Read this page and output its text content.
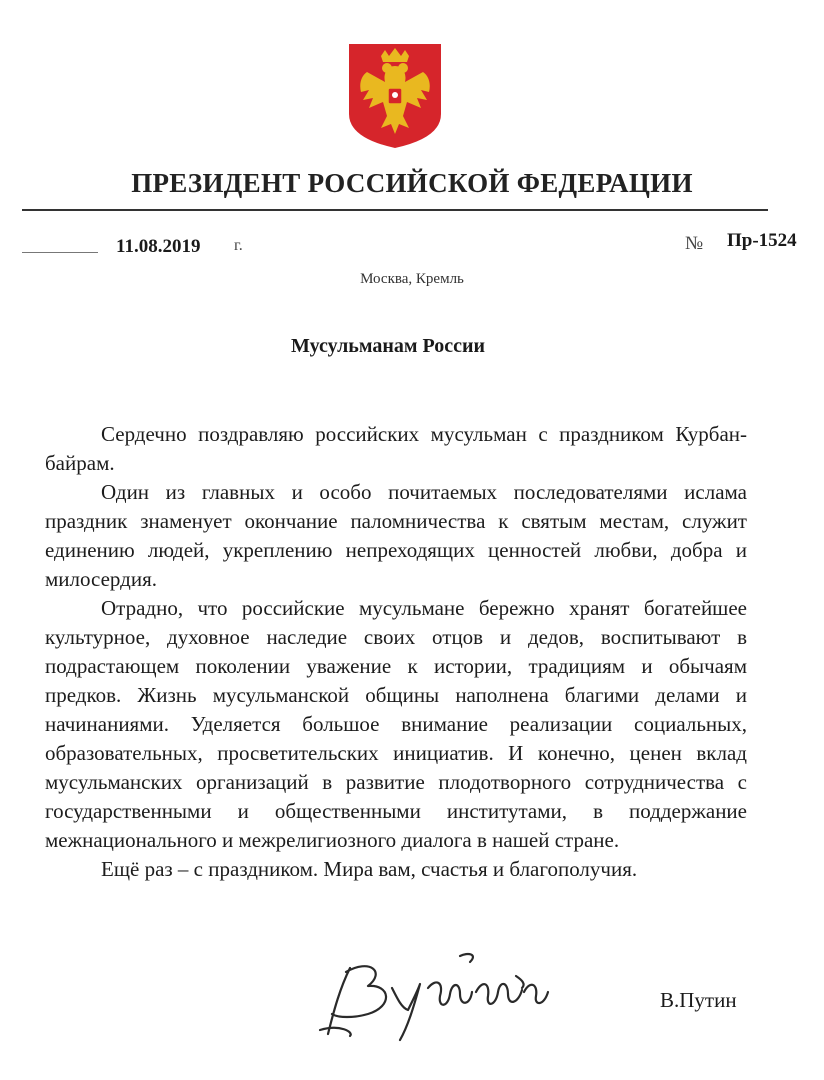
ПРЕЗИДЕНТ РОССИЙСКОЙ ФЕДЕРАЦИИ
11.08.2019 г.	№ Пр-1524
Москва, Кремль
Мусульманам России

Сердечно поздравляю российских мусульман с праздником Курбан-байрам.

Один из главных и особо почитаемых последователями ислама праздник знаменует окончание паломничества к святым местам, служит единению людей, укреплению непреходящих ценностей любви, добра и милосердия.

Отрадно, что российские мусульмане бережно хранят богатейшее культурное, духовное наследие своих отцов и дедов, воспитывают в подрастающем поколении уважение к истории, традициям и обычаям предков. Жизнь мусульманской общины наполнена благими делами и начинаниями. Уделяется большое внимание реализации социальных, образовательных, просветительских инициатив. И конечно, ценен вклад мусульманских организаций в развитие плодотворного сотрудничества с государственными и общественными институтами, в поддержание межнационального и межрелигиозного диалога в нашей стране.

Ещё раз – с праздником. Мира вам, счастья и благополучия.

В.Путин
